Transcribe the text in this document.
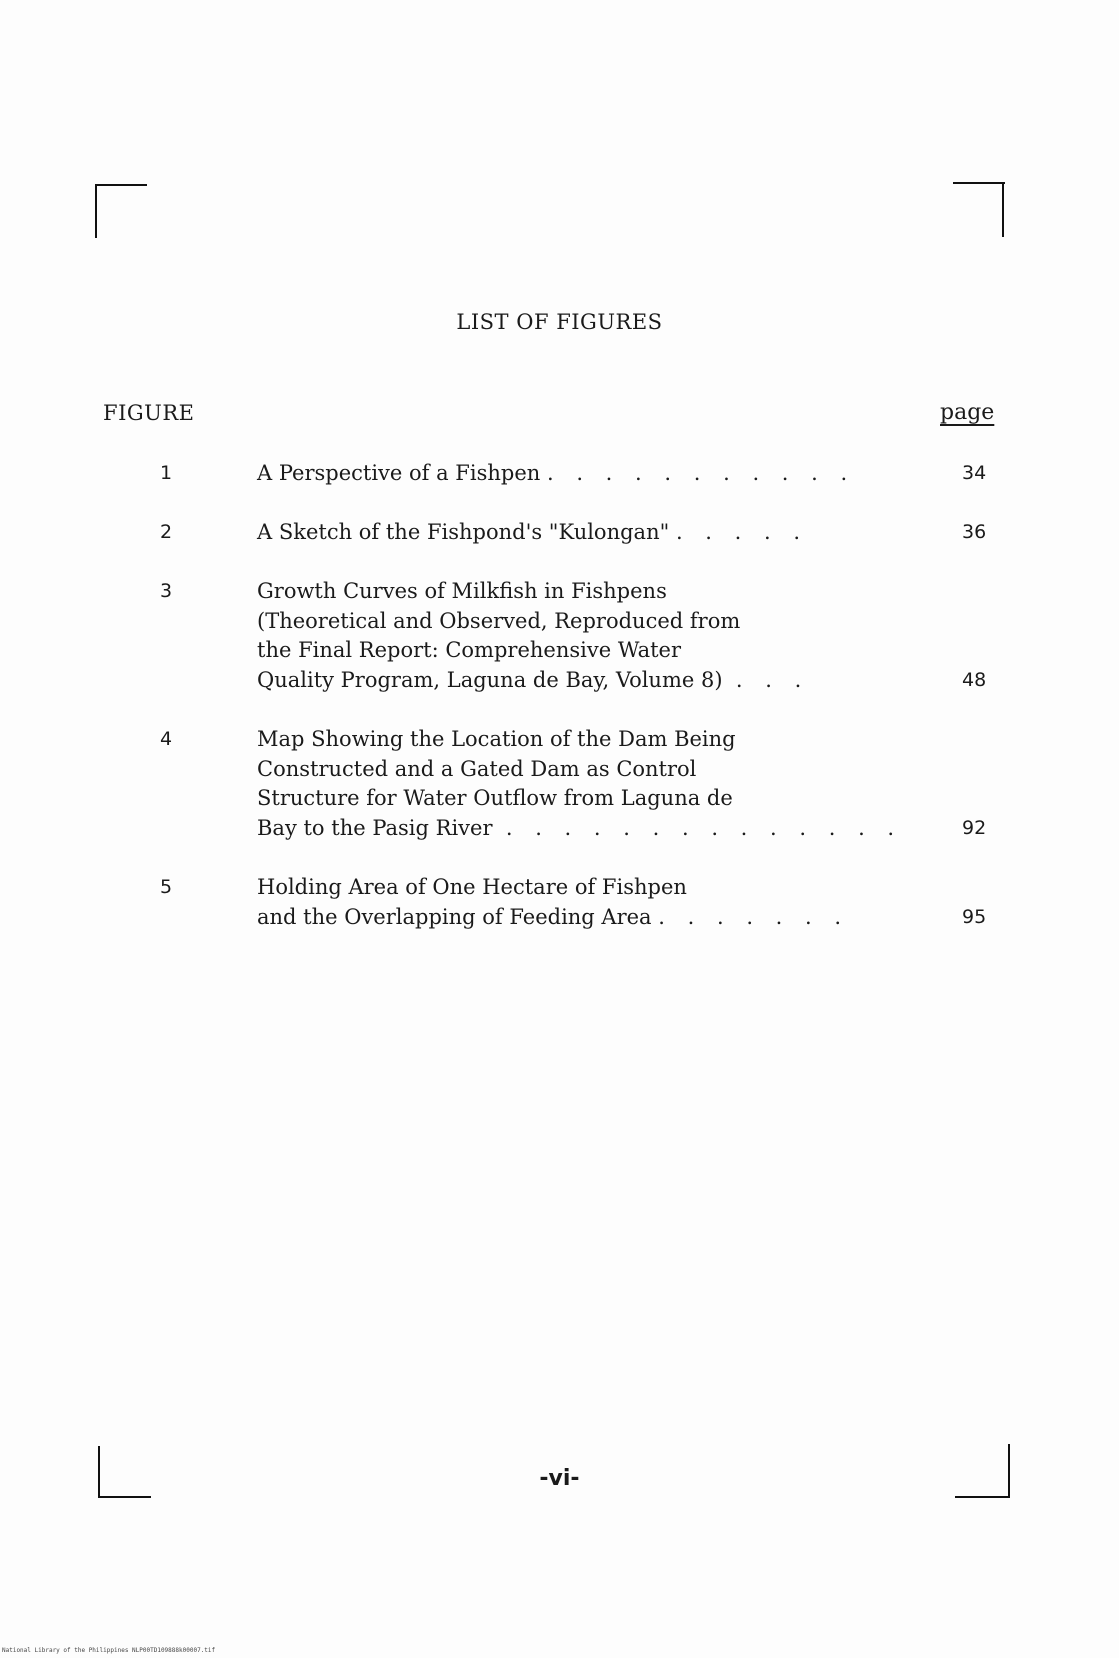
LIST OF FIGURES
FIGURE	page
1	A Perspective of a Fishpen . . . . . . . . . . .	34
2	A Sketch of the Fishpond's "Kulongan" . . . . .	36
3	Growth Curves of Milkfish in Fishpens
(Theoretical and Observed, Reproduced from
the Final Report: Comprehensive Water
Quality Program, Laguna de Bay, Volume 8) . . .	48
4	Map Showing the Location of the Dam Being
Constructed and a Gated Dam as Control
Structure for Water Outflow from Laguna de
Bay to the Pasig River . . . . . . . . . . . . . .	92
5	Holding Area of One Hectare of Fishpen
and the Overlapping of Feeding Area . . . . . . .	95
-vi-
National Library of the Philippines NLP00TD109888k00007.tif
